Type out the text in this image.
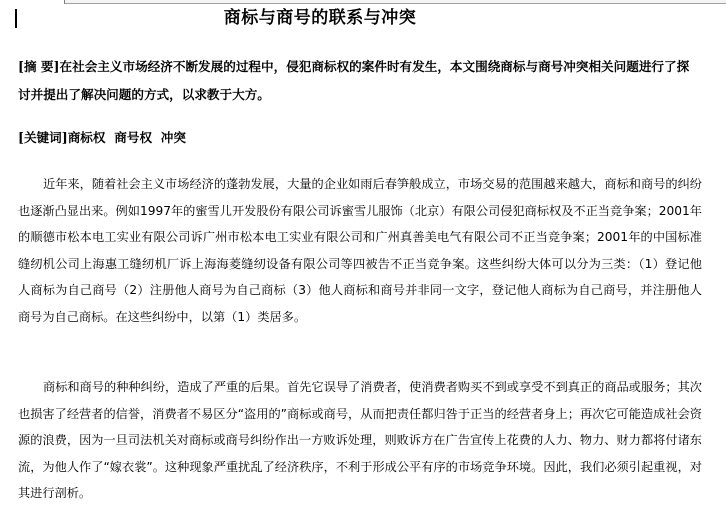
商标与商号的联系与冲突

[摘 要]在社会主义市场经济不断发展的过程中，侵犯商标权的案件时有发生，本文围绕商标与商号冲突相关问题进行了探讨并提出了解决问题的方式，以求教于大方。

[关键词]商标权  商号权  冲突

近年来，随着社会主义市场经济的蓬勃发展，大量的企业如雨后春笋般成立，市场交易的范围越来越大，商标和商号的纠纷也逐渐凸显出来。例如1997年的蜜雪儿开发股份有限公司诉蜜雪儿服饰（北京）有限公司侵犯商标权及不正当竞争案；2001年的顺德市松本电工实业有限公司诉广州市松本电工实业有限公司和广州真善美电气有限公司不正当竞争案；2001年的中国标准缝纫机公司上海惠工缝纫机厂诉上海海菱缝纫设备有限公司等四被告不正当竞争案。这些纠纷大体可以分为三类：（1）登记他人商标为自己商号（2）注册他人商号为自己商标（3）他人商标和商号并非同一文字，登记他人商标为自己商号，并注册他人商号为自己商标。在这些纠纷中，以第（1）类居多。

商标和商号的种种纠纷，造成了严重的后果。首先它误导了消费者，使消费者购买不到或享受不到真正的商品或服务；其次也损害了经营者的信誉，消费者不易区分“盗用的”商标或商号，从而把责任都归咎于正当的经营者身上；再次它可能造成社会资源的浪费，因为一旦司法机关对商标或商号纠纷作出一方败诉处理，则败诉方在广告宣传上花费的人力、物力、财力都将付诸东流，为他人作了“嫁衣裳”。这种现象严重扰乱了经济秩序，不利于形成公平有序的市场竞争环境。因此，我们必须引起重视，对其进行剖析。
